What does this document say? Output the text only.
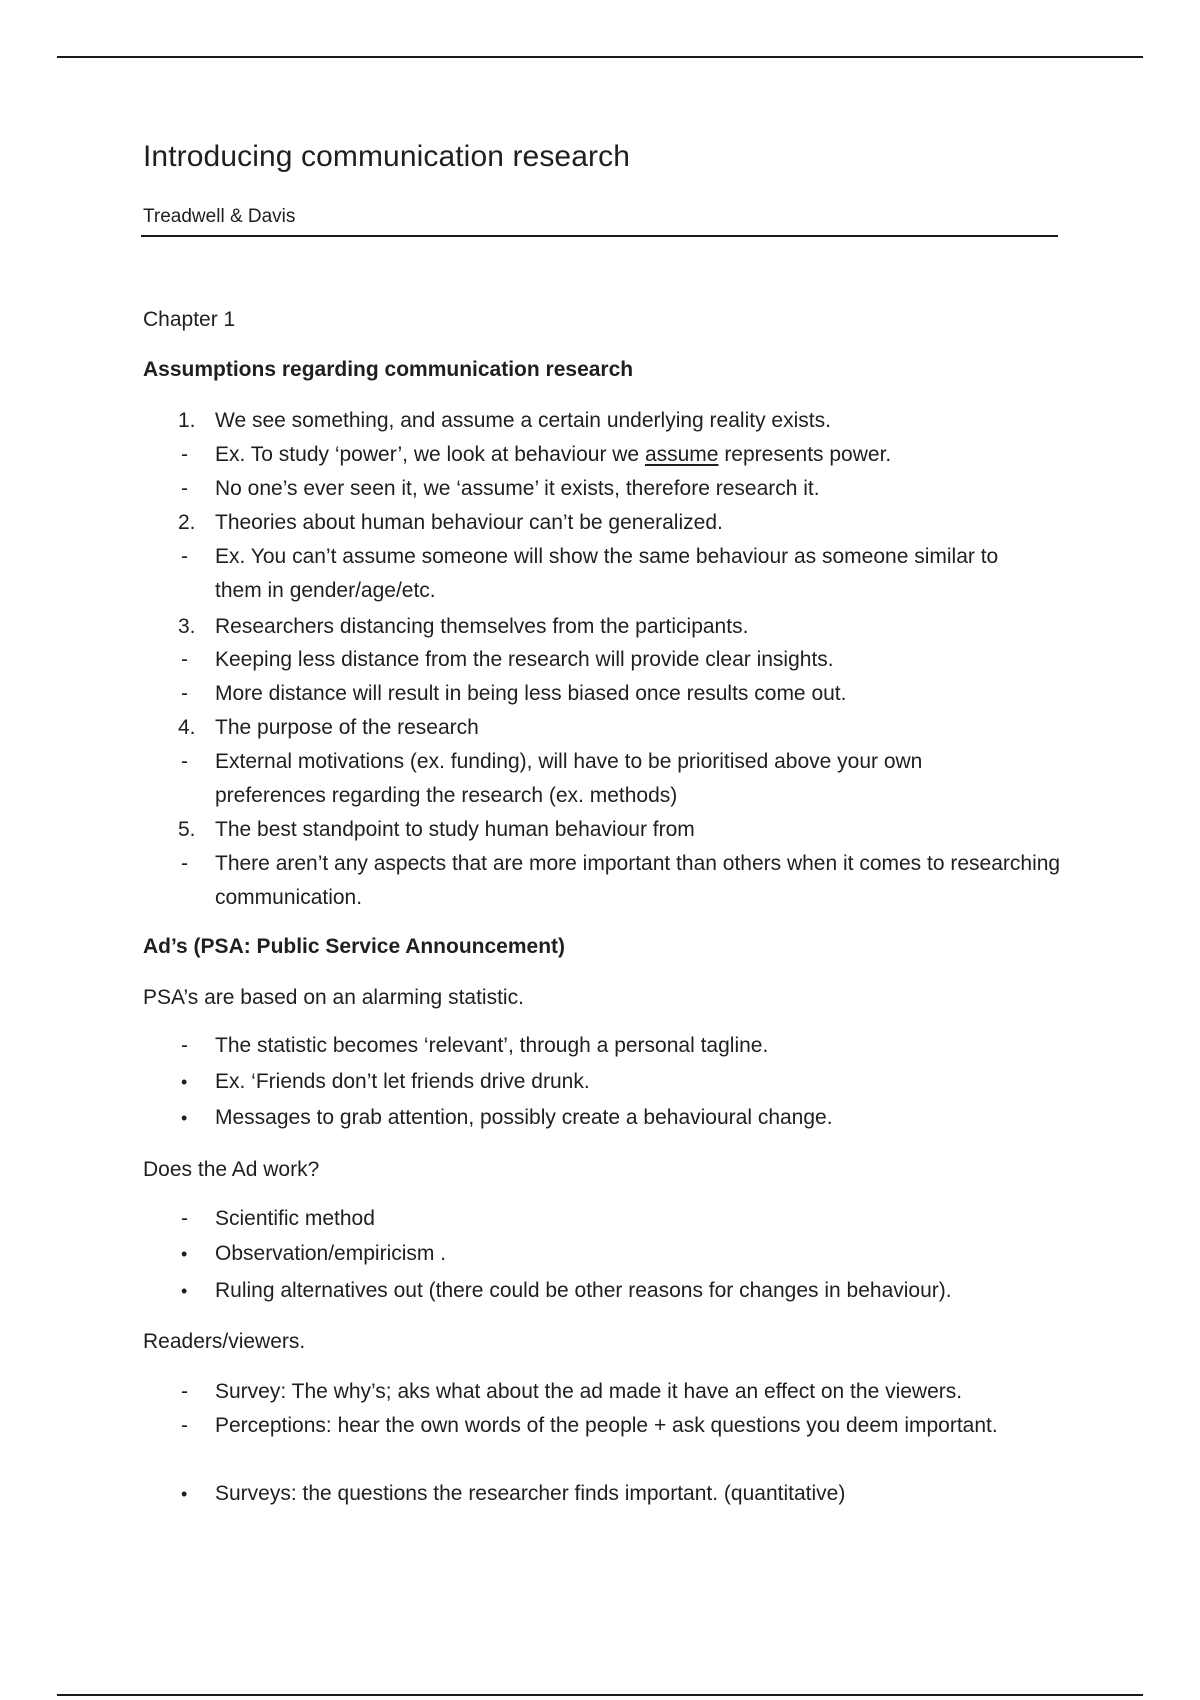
Introducing communication research
Treadwell & Davis
Chapter 1
Assumptions regarding communication research
1. We see something, and assume a certain underlying reality exists.
-	Ex. To study ‘power’, we look at behaviour we assume represents power.
-	No one’s ever seen it, we ‘assume’ it exists, therefore research it.
2. Theories about human behaviour can’t be generalized.
-	Ex. You can’t assume someone will show the same behaviour as someone similar to them in gender/age/etc.
3. Researchers distancing themselves from the participants.
-	Keeping less distance from the research will provide clear insights.
-	More distance will result in being less biased once results come out.
4. The purpose of the research
-	External motivations (ex. funding), will have to be prioritised above your own preferences regarding the research (ex. methods)
5. The best standpoint to study human behaviour from
-	There aren’t any aspects that are more important than others when it comes to researching communication.
Ad’s (PSA: Public Service Announcement)
PSA’s are based on an alarming statistic.
-	The statistic becomes ‘relevant’, through a personal tagline.
•	Ex. ‘Friends don’t let friends drive drunk.
•	Messages to grab attention, possibly create a behavioural change.
Does the Ad work?
-	Scientific method
•	Observation/empiricism .
•	Ruling alternatives out (there could be other reasons for changes in behaviour).
Readers/viewers.
-	Survey: The why’s; aks what about the ad made it have an effect on the viewers.
-	Perceptions: hear the own words of the people + ask questions you deem important.
•	Surveys: the questions the researcher finds important. (quantitative)
